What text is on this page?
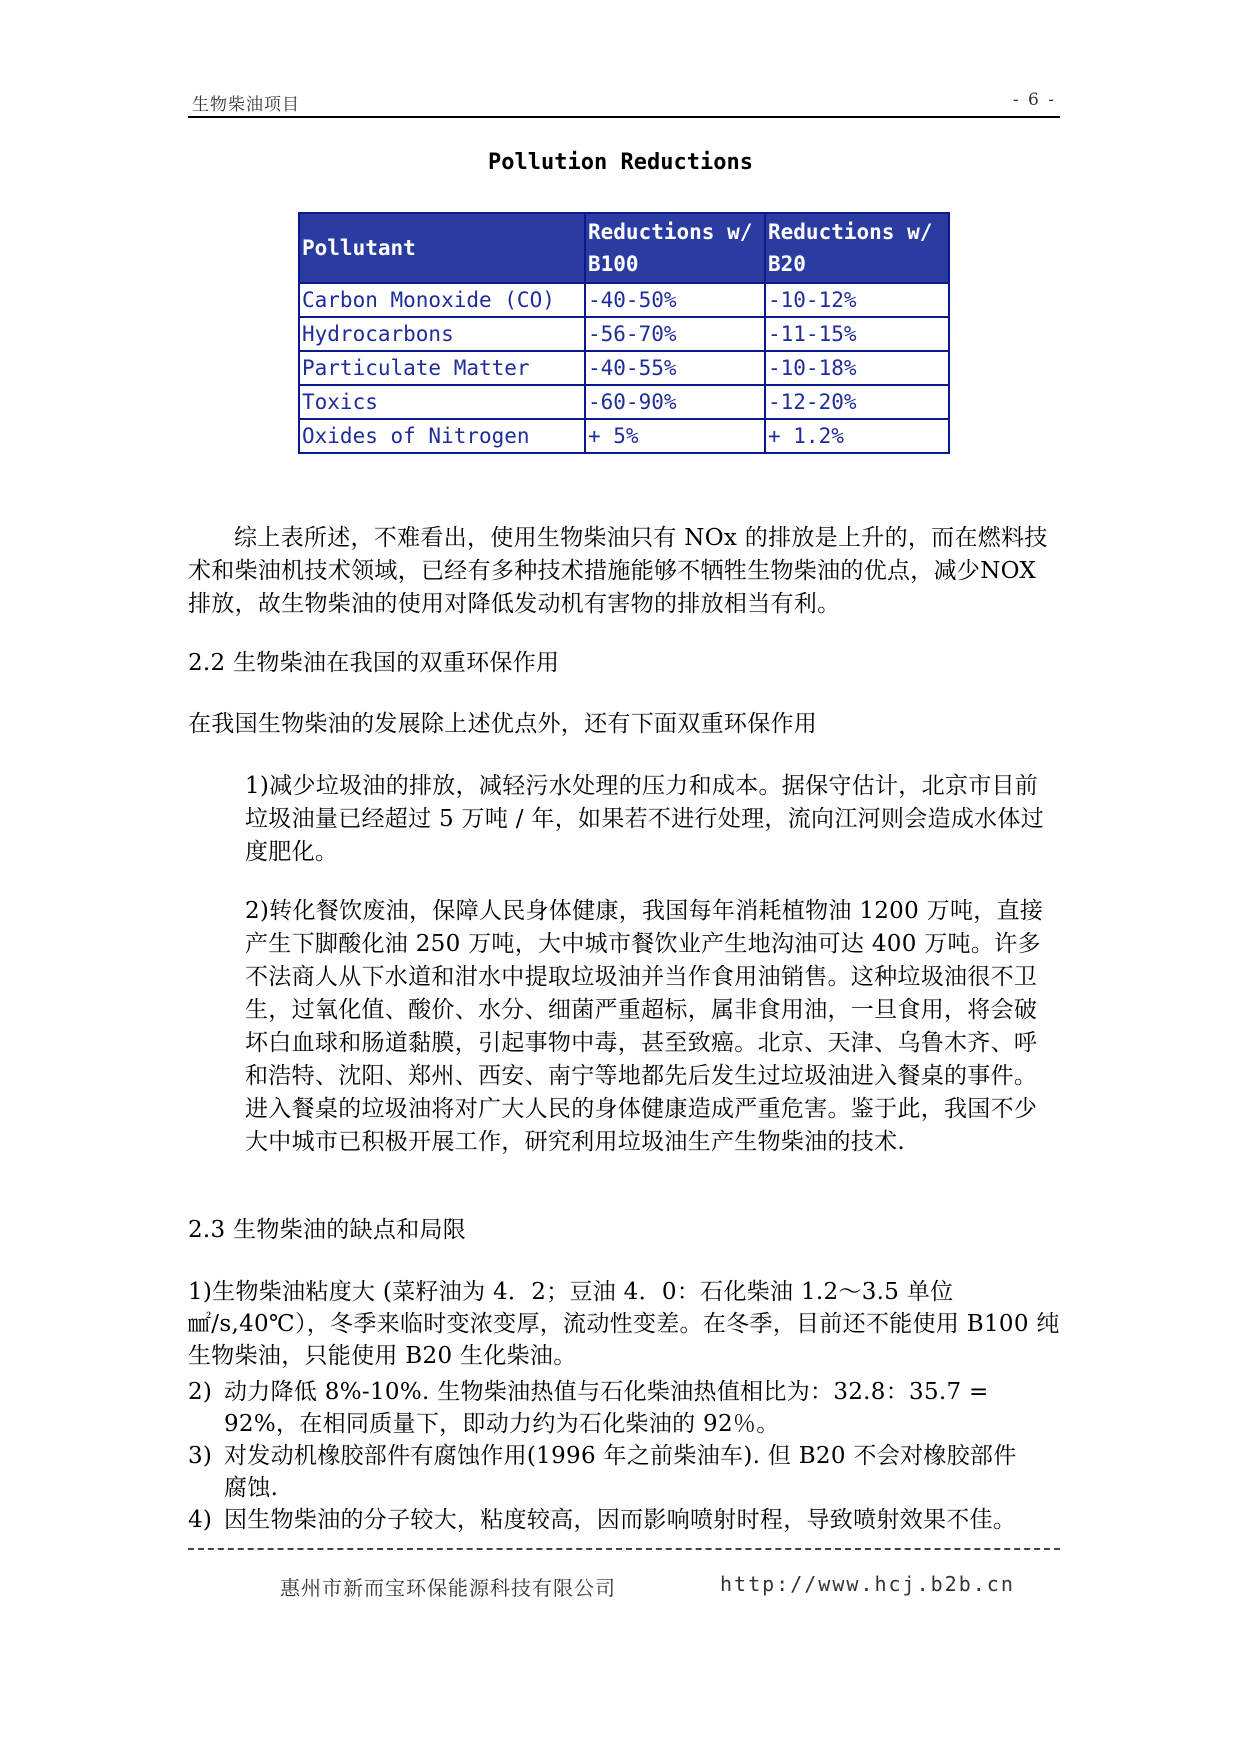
生物柴油项目	- 6 -
Pollution Reductions
Pollutant	Reductions w/ B100	Reductions w/ B20
Carbon Monoxide (CO)	-40-50%	-10-12%
Hydrocarbons	-56-70%	-11-15%
Particulate Matter	-40-55%	-10-18%
Toxics	-60-90%	-12-20%
Oxides of Nitrogen	+ 5%	+ 1.2%
综上表所述，不难看出，使用生物柴油只有 NOx 的排放是上升的，而在燃料技术和柴油机技术领域，已经有多种技术措施能够不牺牲生物柴油的优点，减少NOX 排放，故生物柴油的使用对降低发动机有害物的排放相当有利。
2.2 生物柴油在我国的双重环保作用
在我国生物柴油的发展除上述优点外，还有下面双重环保作用
1)减少垃圾油的排放，减轻污水处理的压力和成本。据保守估计，北京市目前垃圾油量已经超过 5 万吨 / 年，如果若不进行处理，流向江河则会造成水体过度肥化。
2)转化餐饮废油，保障人民身体健康，我国每年消耗植物油 1200 万吨，直接产生下脚酸化油 250 万吨，大中城市餐饮业产生地沟油可达 400 万吨。许多不法商人从下水道和泔水中提取垃圾油并当作食用油销售。这种垃圾油很不卫生，过氧化值、酸价、水分、细菌严重超标，属非食用油，一旦食用，将会破坏白血球和肠道黏膜，引起事物中毒，甚至致癌。北京、天津、乌鲁木齐、呼和浩特、沈阳、郑州、西安、南宁等地都先后发生过垃圾油进入餐桌的事件。进入餐桌的垃圾油将对广大人民的身体健康造成严重危害。鉴于此，我国不少大中城市已积极开展工作，研究利用垃圾油生产生物柴油的技术.
2.3 生物柴油的缺点和局限
1)生物柴油粘度大 (菜籽油为 4．2；豆油 4．0：石化柴油 1.2～3.5 单位 ㎟/s,40℃），冬季来临时变浓变厚，流动性变差。在冬季，目前还不能使用 B100 纯生物柴油，只能使用 B20 生化柴油。
2) 动力降低 8%-10%. 生物柴油热值与石化柴油热值相比为：32.8：35.7 =
92%，在相同质量下，即动力约为石化柴油的 92％。
3) 对发动机橡胶部件有腐蚀作用(1996 年之前柴油车). 但 B20 不会对橡胶部件
腐蚀.
4) 因生物柴油的分子较大，粘度较高，因而影响喷射时程，导致喷射效果不佳。
惠州市新而宝环保能源科技有限公司	http://www.hcj.b2b.cn
